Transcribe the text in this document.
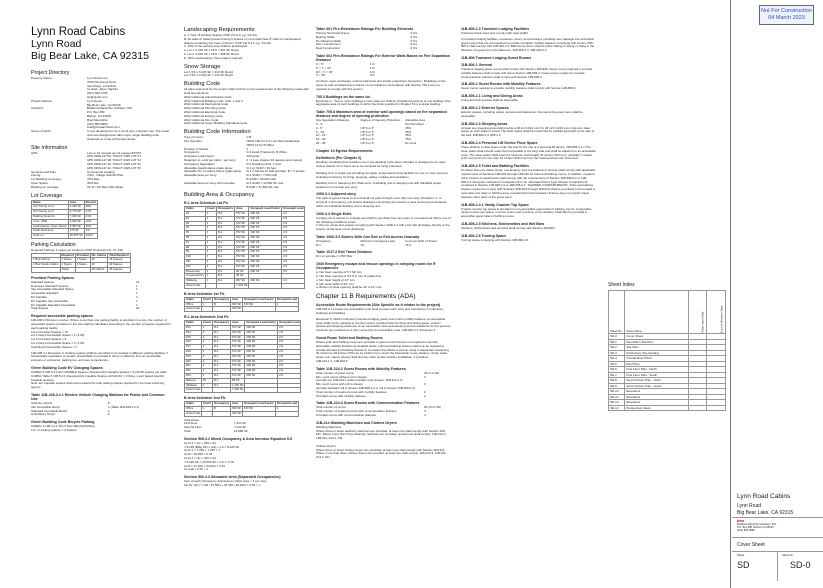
Not For Construction
04 March 2023
Lynn Road Cabins
Lynn Road
Big Bear Lake, CA 92315
Project Directory
Property Owner:	Lynn Road LLC
4706 Panorama Drive
San Diego, CA 92116
Contact: Jason Saphire
(917) 652-1799
jsc@gmail.com
Project Address:	Lynn Road
Big Bear Lake, CA 92315
Architect:	Bradford MacArthur Architect, INC.
P.O. Box 680
Bishop, CA 93515
Brad MacArthur
(310) 866-9980
brad@bmaarchitect.com
Scope of Work:	A new development for a 4-unit type, transient use. The rental units are designed as cabin style, single dwelling units clustered on a site with tenant areas.
Site Information
APN:	Lots to be merged per lot merger #XXXX
APN 0308-147-06, TRACT 2920 LOT 51
APN 0308-147-08, TRACT 2920 LOT 52
APN 0308-147-10, TRACT 2920 LOT 54
APN 0308-147-12, TRACT 2920 LOT 55
General Land Plan:	Commercial Lodging
Zoning:	V(M) - Village Specific Plan
Lot Building Coverage:	70% Max
Open Space:	30% Min
Building Ht. Average:	34'-9" / 60' Max (Site Wide)
Lot Coverage
Name	Area	Percent
A/C Paving Lot 1	6,445 SF	38%
A/C Paving Lot 2	2,776 SF	17%
Building Footprint	7,048 SF	41%
Conc. Walk	2,036 SF	12%
Landscaping / Open Space	5,055 SF	30%
Trash Enclosure	178 SF	1%
Total Lot	26,387 SF	100%
Parking Calculation
Required Parking: 1 space per bedroom (VSP Ordinance No. 97-142)
	Required	Provided	No. Cabins	Total Required
1 Bed Cabins	1 Space	1 Space	16	16 Spaces
2 Bed Studio Cabins	1 Space	1 Space	10	10 Spaces
	Totals:		26 Cabins	26 Spaces
Provided Parking Spaces
Standard Spaces	14
Employee Standard Spaces	1
Van Accessible Standard Space	1
Accessible Standard	1
EV Capable	4
EV Capable Van Accessible	1
EV Capable Standard Accessible	1
Total Spaces	26
Required accessible parking spaces
11B-208.2 Minimum number. Where more than one parking facility is provided on a site, the number of accessible spaces provided on the site shall be calculated according to the number of spaces required for each parking facility.
Lot 1 Provided Spaces = 16
Lot 1 Req'd Accessible Space = 1 (1:25)
Lot 2 Provided Spaces = 9
Lot 2 Req'd Accessible Space = 1 (1:25)
Total Req'd Accessible Spaces = 2
11B-208.3.1 Exception 2. Parking spaces shall be permitted to be located in different parking facilities if substantially equivalent or greater accessibility is provided in terms of distance from an accessible entrance or entrances, parking fee, and user convenience.
Green Building Code EV Charging Spaces
CGBDC 5.106.5.3.1 EV CAPABLE Spaces: Required EV Capable Spaces = 6 (26-50 spaces per table CGBDC Table 5.106.5.3.1) Required EV Capable Spaces with EVSC = 2 (Req. count based total EV Capable spaces).
Note: EV Capable spaces shall count toward the total parking spaces required by the local enforcing agency.
Table 11B-228.3.2.1 Electric Vehicle Charging Stations for Public and Common Use
Total No. EVCS	5
Van Accessible Req'd	1 (Table 11B-228.3.2.1)
Standard Accessible Req'd	1
Ambulatory Req'd	0
Green Building Code Bicycle Parking
CGBDC 4.106.4.1.1 Short Term Bicycle Parking
For <4 parking spaces = 2 Spaces
Landscaping Requirements
A. 1 Tree / 8 Parking Spaces (VSP V.D.6.3, pg. VS-VII)
B. All sides of parking lanes having 6 spaces or more shall have 8' wide min landscaped islands containing two trees minimum (VSP V.D.6.3.b, pg. VS-VII)
C. 15% of the parking area shall be landscaped.
a. Lot 1: 6,445 SF x 15% = 967 SF Req'd
b. Lot 2: 2,652 SF x 15% = 398 SF Req'd
D. 20% Landscaping / Open space required
Snow Storage
Lot 1 5% x 6,445 SF = 323 SF Req'd
Lot 2 5% x 2,652 SF = 143 SF Req'd
Building Code
All plans and work for the project shall conform to the requirements of the following codes with local amendments:
2022 California Administrative Code
2022 California Building Code, Vols. 1 and 2
2022 California Mechanical Code
2022 California Plumbing Code
2022 California Electrical Code
2022 California Energy Code
2022 California Fire Code
2022 California Green Building Standards Code
Building Code Information
Type of Const.:	V-B
Fire Sprinkler:	NFPA 13R for R-1 Low Rise Residential
NFPA 13 for B Office
Number of Stories:	1
Occupancy:	R-1 Hotel (Transient), B Office
Occupant Load Factor:	200 gross
Required no. exits per cabin / per story:	1 / 1 (see chapter 10 requirements below)
Occupancy Separation:	R-1 Dwelling Units: 1 hour
Allowable Height above grade plane:	R-1 w/ S13R = 60 feet
Allowable No. of stories above grade plane:	R-1 2 Stories w/ 13R sprinkler, B = 3 stories
Allowable Area per story:	R-1 S13R = 7,000 sq/ft
B S13R = 36,000 sq/ft
Allowable Area per story with increase:	R-1 S13R = 10,500 SF max
B S1R = 51,500 SF max
Building Area & Occupancy
R-1 Area Schedule Lot Pn
Cabin	Count	Occupancy	Area	Occupant Load Factor	Occupant Load
#1	1	R-1	572 SF	200 SF	2.9
#2	1	R-1	572 SF	200 SF	2.9
#3	1	R-1	572 SF	200 SF	2.9
#4	1	R-1	572 SF	200 SF	2.9
#5	1	R-1	572 SF	200 SF	2.9
#6	1	R-1	572 SF	200 SF	2.9
#7	1	R-1	572 SF	200 SF	2.9
#8	1	R-1	572 SF	200 SF	2.9
#9	1	R-1	572 SF	200 SF	2.9
#10	1	R-1	572 SF	200 SF	2.9
#11	1	R-1	572 SF	200 SF	2.9
#12	1	R-1	572 SF	200 SF	2.9
Breezeway	1	R-1	90 SF	200 SF	0.5
Covered Entry	1	R-1	36 SF		
Walkway	1	R-1	837 SF	200 SF	4.2
Grand total			7,132 SF		
B Area Schedule 1st Flr.
Cabin	Count	Occupancy	Area	Occupant Load Factor	Occupant Load
Office	1	B	300 SF	150 SF	2
Grand total			300 SF		
R-1 Area Schedule 2nd Flr.
Cabin	Count	Occupancy	Area	Occupant Load Factor	Occupant Load
#13	1	R-1	572 SF	200 SF	2.9
#14	1	R-1	572 SF	200 SF	2.9
#15	1	R-1	572 SF	200 SF	2.9
#16	1	R-1	572 SF	200 SF	2.9
#17	1	R-1	572 SF	200 SF	2.9
#18	1	R-1	572 SF	200 SF	2.9
#19	1	R-1	572 SF	200 SF	2.9
#20	1	R-1	572 SF	200 SF	2.9
#21	1	R-1	572 SF	200 SF	2.9
#22	1	R-1	572 SF	200 SF	2.9
#23	1	R-1	572 SF	200 SF	2.9
Balcony	10	R-1	88 SF		
Walkway	1	R-1	1,230 SF		
Grand total			7,466 SF		
B Area Schedule 2nd Flr.
Cabin	Count	Occupancy	Area	Occupant Load Factor	Occupant Load
Office	1	B	300 SF	150 SF	2
Grand total			300 SF		
Total Areas:
First Floor	7,444 SF
Second Floor	7,444 SF
Total:	14,888 SF
Section 508.3.2 Mixed Occupancy & Area Increase Equation 5-5
As R-1 = (At + (NS x If))
= 8,226 (Bldg SF) x (As) x 1.0 = 8,226 SF
As R-1 = 7,035 + 7,035 = 1
As B = 36,000 = 0.03
As R-1 = (At + (NS x If))
= 8,226 SF / (10,500 SF x 1.0) = 0.78
As B = 27,000 x (8,000) = 0.19
As total = 0.97 < 1
Section 506.3.3 Allowable Area (Separated Occupancies)
Sum of each Occupancy Actual Area / Allow Area < 1 per story
1st Flr: (R-1 7,120 / 10,500) + (B 300 / 30,000) = 0.69 < 1
Table 601 Fire-Resistance Ratings For Building Elements
Primary Structural Frame	0 hrs
Bearing Walls	0 hrs
Non Bearing Walls	0 hrs
Floor Construction	0 hrs
Roof Construction	0 hrs
Table 602 Fire-Resistance Ratings For Exterior Walls Based on Fire Separation Distance
X < 5'	1 hr
5' < X < 10'	1 hr
10' < X < 30'	0 hr
X > 30'	0 hr
Cornices, eave overhangs, exterior balconies and similar projections, Exception : Buildings on the same lot and considered as portions of one building in accordance with Section 705.3 are not required to comply with this section.
705.3 Buildings on the same lot.
Exception 1 : Two or more buildings on the same lot shall be considered portions of one building if the aggregate area of such buildings is within the limits specified in Chapter 5 for a single building.
Table 705.8 Maximum area of exterior wall openings based on fire separation distance and degree of opening protection
Fire Separation Distance	Degree of Opening Protection	Allowable Area
0 - 3'	Not Permitted
3 - 5'	UP S or P	15%
5 - 10'	UP S or P	25%
10 - 15'	UP S or P	45%
15 - 20'	UP S or P	75%
20 - 25'	UP S or P	No Limit
Chapter 10 Egress Requirements
Definitions (Per Chapter 2)
Dwelling: A building that contains one or two dwelling units used, intended or designed to be used, rented, leased, let or hired out to be occupied for living purposes.

Dwelling Unit: A single unit providing complete, independent living facilities for one or more persons, including provisions for living, sleeping, eating, cooking and sanitation.
Dwelling Unit or Sleeping Unit, Multi-story: A dwelling unit or sleeping unit with habitable space located on more than one story.
1006.3.1 Adjacent story.
The path of egress travel to an exit shall not pass through more than one story. Exception 1 : In Group R-1 Occupancy, exit access stairways connecting four stories or less serving and contained within an individual dwelling unit or sleeping unit.
1006.3.3 Single Exits.
A single exit or access to a single exit shall be permitted from any story or occupied roof where one of the following conditions exists:
2. Rooms, areas and spaces complying with Section 1006.2.1 with exits that discharge directly to the exterior at the level of exit discharge.
Table 1006.3.3 Stories With One Exit or Exit Access Doorway
Occupancy	Maximum Occupant Load	Common Path of Travel
R-1	10	75 ft
Table 1017.2 Exit Travel Distance
R-1 w/ sprinkler = 250' Max
1030 Emergency escape and rescue openings in sleeping rooms for R Occupancies
a. Net clear opening of 5.7 SF min
b. Net clear opening of 5.0 S.F. min at grade floor
c. Min clear height of 24" min.
d. Min clear width of 20" min.
e. Bottom of clear opening shall be 44" A.F.F. min.
Chapter 11 B Requirements (ADA)
Accessible Route Requirements (Site Specific as it relates to the project)
11B-206.2.1 At least one accessible route shall connect each story and mezzanine in multi-story buildings and facilities.
Exception 6. Within multi-story transient lodging guest rooms with mobility features, an accessible route shall not be required to connect stories provided that the living and dining areas, exterior spaces and sleeping areas are on an accessible route and sleeping accommodations for two persons minimum are provided on a story served by an accessible route. 11B-206.2.3, Exception 6
Guest Room Toilet and Bathing Rooms
Where toilet and bathing rooms are provided in guest rooms that are not required to provide accessible mobility features as detailed below, toilet and bathing fixtures shall only be required to provide all toilet and bathing fixtures in a location that allows a person using a wheelchair measuring 30 inches by 48 inches (760 mm by 1219 mm) to touch the wheelchair to any lavatory, urinal, water closet, tub, sauna, shower stall and any other similar sanitary installation, if provided.
11B-224.1.4, 11B-603.6
Table 11B-224.2 Guest Rooms with Mobility Features
Total number of guest rooms	26 (1 to 50)
Min. req'd rooms without roll in shower	2
(provide per 11B-224.2 and/or transfer type shower: 11B-224.2.1)
Min. req'd rooms with roll in shower	0
(provide standard roll in shower 11B-608.2.2 or roll in shower 11B-608.2.3)
Total number of required rooms with mobility features	2
Provided rooms with mobility features	2
Table 11B-224.4 Guest Rooms with Communication Features
Total number of rooms	26 (24 to 50)
Total number of required rooms with communication features	4
Provided rooms with communication features	4
11B-214 Washing Machines and Clothes Dryers
Washing Machines
Where three or fewer washing machines are provided, at least one shall comply with Section 11B-611. Where more than three washing machines are provided, at least two shall comply. 11B-214.2, 11B-611, 214.2, 611

Clothes Dryers
Where three or fewer clothes dryers are provided, at least one shall comply with Section 11B-611. Where more than three clothes dryers are provided, at least two shall comply. 11B-214.3, 11B-611, 214.3, 611
11B-806.2.3 Transient Lodging Facilities
(Inclusive block need only comply with clear width).
In transient lodging facilities, entrances, doors, and doorways providing user passage into and within guest rooms that are not required to provide compliant mobility features complying with section 11B-806.2 shall comply with 11B-404.2.3. Bathrooms doors shall be either sliding or swing in swing in the direction of egress from the bathroom. 11B-206.5.3, 11B-404.2.3
11B-806 Transient Lodging Guest Rooms
11B-806.1 General
Transient lodging guest rooms shall comply with Section 11B-806. Guest rooms required to provide mobility features shall comply with Items Section 11B-806.2. Guest rooms required to provide communication features shall comply with Section 11B-806.3.
11B-806.2 Guest Rooms with Mobility Features
Guest rooms required to provide mobility features shall comply with Section 11B-806.2.
11B-806.2.1 Living and Dining Areas
Living and dining areas shall be accessible.
11B-806.2.2 Exterior Spaces
Exterior spaces, including patios, terraces and balconies, that serve the guest room shall be accessible.
11B-806.2.3 Sleeping Areas
At least one sleeping area shall provide a 36 inch (914 mm) by 48 inch (1219 mm) minimum clear space on both sides of a bed. The clear space shall be positioned for parallel approach to the side of the bed. 11B-806.2.3, 806.2.3
11B-806.2.4 Personal Lift Device Floor Space
There shall be a clear space under the bed for the use of a personal lift device. 11B-806.2.4.1 The clear space shall extend under the bed parallel to the long side and shall be adjacent to an accessible route. The clear space shall extend a minimum horizontally 30 inches (762 mm), vertically 7 inches (178 mm) and not more than 12 inches (305 mm) from the head and foot end of the bed.
11B-806.2.5 Toilet and Bathing Facilities
No fewer than one water closet, one lavatory, and one bathtub or shower shall comply with applicable requirements of Sections 11B-603 through 11B-610 for toilet and bathing rooms. In addition, required roll-in shower compartments shall comply with the requirements of Section 11B-608.2.2 or 11B-608.2.3. Exception: Required 'Compartment' in an 'Alternate Roll-in Type Shower Compartment', contained in Section 11B-608.2.3 or 11B-608.2.2. 'SHOWER COMPARTMENTS', Toilet and bathing fixtures required to comply with Sections 11B-603 through 11B-610 shall be permitted to be located in more than one toilet or bathing area, provided that travel between fixtures does not require travel between other parts of the guest room.
11B-806.2.4.1 Vanity Counter Top Space
If vanity counter top space is provided in non-accessible guest toilet or bathing rooms, comparable vanity counter top space, in terms of size and proximity to the lavatory, shall also be provided in accessible guest toilet or bathing rooms.
11B-806.2.5 Kitchens, Kitchenettes and Wet Bars
Kitchens, kitchenettes and wet bars shall comply with Section 11B-804.
11B-806.2.6 Turning Space
Turning space complying with Section 11B-806.2.6.
Sheet Index
Sheet No.	Sheet Name	Sheet Issue Date	Current Revision Date
SD-0	Cover Sheet		
SD-1	Demolition Site Plan		
SD-2	Site Plan		
SD-3	Preliminary Site Grading		
SD-4	Overall Floor Plans		
SD-5	Roof Plan		
SD-6	First Floor Plan - North		
SD-7	First Floor Plan - South		
SD-8	Second Floor Plan - North		
SD-9	Second Floor Plan - South		
SD-10	Elevations		
SD-11	Elevations		
SD-12	Elevations		
SD-13	Perspective Views		
Lynn Road Cabins
Lynn Road
Big Bear Lake, CA 92315
bma
Bradford MacArthur Architect, INC.
P.O. Box 680, Bishop CA 93515
(310) 866-9980
Cover Sheet
Phase
SD
Sheet No.
SD-0
